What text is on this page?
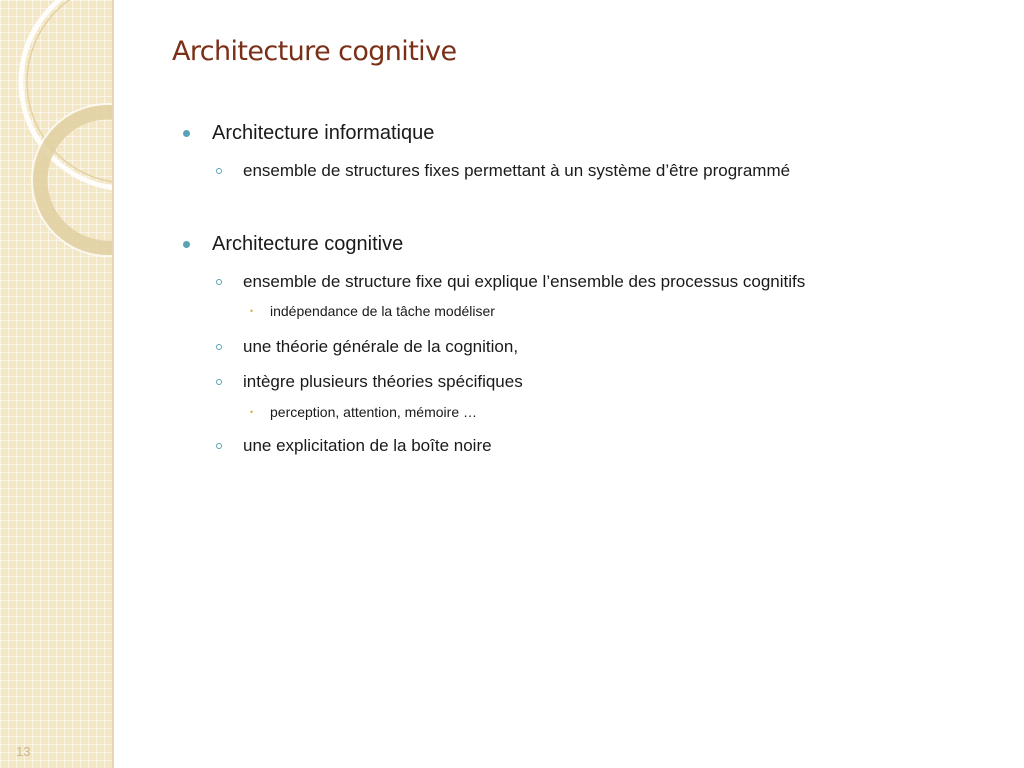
13
Architecture cognitive
Architecture informatique
ensemble de structures fixes permettant à un système d’être programmé
Architecture cognitive
ensemble de structure fixe qui explique l’ensemble des processus cognitifs
• indépendance de la tâche modéliser
une théorie générale de la cognition,
intègre plusieurs théories spécifiques
• perception, attention, mémoire …
une explicitation de la boîte noire
